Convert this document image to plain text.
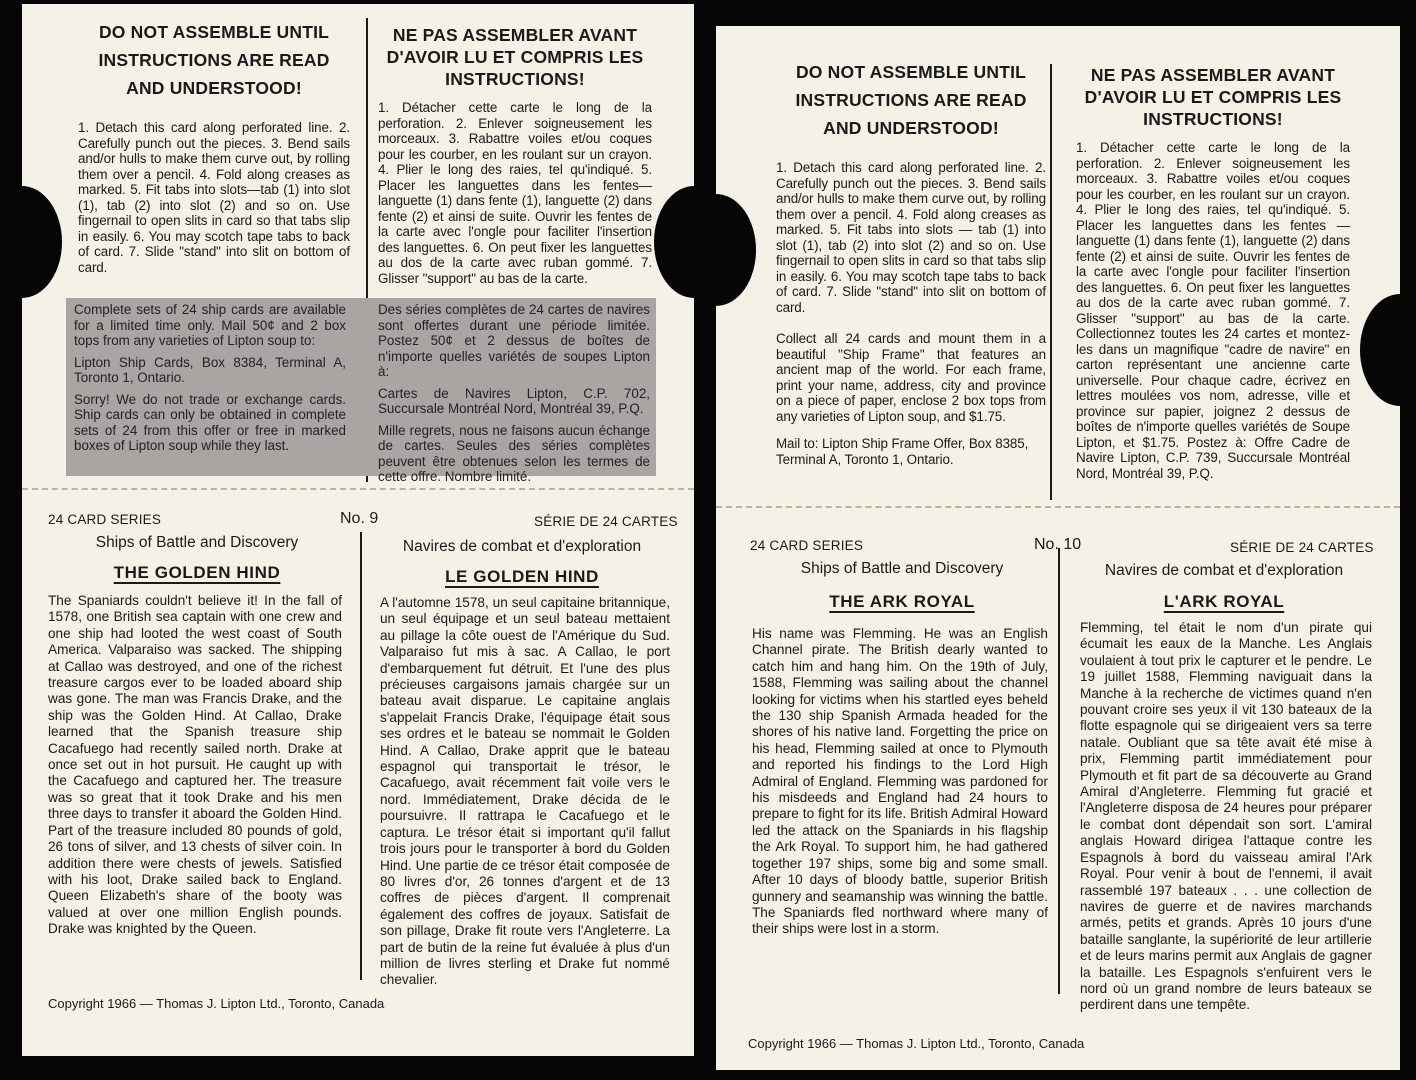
DO NOT ASSEMBLE UNTIL INSTRUCTIONS ARE READ AND UNDERSTOOD!
1. Detach this card along perforated line. 2. Carefully punch out the pieces. 3. Bend sails and/or hulls to make them curve out, by rolling them over a pencil. 4. Fold along creases as marked. 5. Fit tabs into slots—tab (1) into slot (1), tab (2) into slot (2) and so on. Use fingernail to open slits in card so that tabs slip in easily. 6. You may scotch tape tabs to back of card. 7. Slide "stand" into slit on bottom of card.
NE PAS ASSEMBLER AVANT D'AVOIR LU ET COMPRIS LES INSTRUCTIONS!
1. Détacher cette carte le long de la perforation. 2. Enlever soigneusement les morceaux. 3. Rabattre voiles et/ou coques pour les courber, en les roulant sur un crayon. 4. Plier le long des raies, tel qu'indiqué. 5. Placer les languettes dans les fentes—languette (1) dans fente (1), languette (2) dans fente (2) et ainsi de suite. Ouvrir les fentes de la carte avec l'ongle pour faciliter l'insertion des languettes. 6. On peut fixer les languettes au dos de la carte avec ruban gommé. 7. Glisser "support" au bas de la carte.

Complete sets of 24 ship cards are available for a limited time only. Mail 50¢ and 2 box tops from any varieties of Lipton soup to:

Lipton Ship Cards, Box 8384, Terminal A, Toronto 1, Ontario.

Sorry! We do not trade or exchange cards. Ship cards can only be obtained in complete sets of 24 from this offer or free in marked boxes of Lipton soup while they last.

Des séries complètes de 24 cartes de navires sont offertes durant une période limitée. Postez 50¢ et 2 dessus de boîtes de n'importe quelles variétés de soupes Lipton à:

Cartes de Navires Lipton, C.P. 702, Succursale Montréal Nord, Montréal 39, P.Q.

Mille regrets, nous ne faisons aucun échange de cartes. Seules des séries complètes peuvent être obtenues selon les termes de cette offre. Nombre limité.

24 CARD SERIES	No. 9	SÉRIE DE 24 CARTES
Ships of Battle and Discovery	Navires de combat et d'exploration
THE GOLDEN HIND	LE GOLDEN HIND
The Spaniards couldn't believe it! In the fall of 1578, one British sea captain with one crew and one ship had looted the west coast of South America. Valparaiso was sacked. The shipping at Callao was destroyed, and one of the richest treasure cargos ever to be loaded aboard ship was gone. The man was Francis Drake, and the ship was the Golden Hind. At Callao, Drake learned that the Spanish treasure ship Cacafuego had recently sailed north. Drake at once set out in hot pursuit. He caught up with the Cacafuego and captured her. The treasure was so great that it took Drake and his men three days to transfer it aboard the Golden Hind. Part of the treasure included 80 pounds of gold, 26 tons of silver, and 13 chests of silver coin. In addition there were chests of jewels. Satisfied with his loot, Drake sailed back to England. Queen Elizabeth's share of the booty was valued at over one million English pounds. Drake was knighted by the Queen.
A l'automne 1578, un seul capitaine britannique, un seul équipage et un seul bateau mettaient au pillage la côte ouest de l'Amérique du Sud. Valparaiso fut mis à sac. A Callao, le port d'embarquement fut détruit. Et l'une des plus précieuses cargaisons jamais chargée sur un bateau avait disparue. Le capitaine anglais s'appelait Francis Drake, l'équipage était sous ses ordres et le bateau se nommait le Golden Hind. A Callao, Drake apprit que le bateau espagnol qui transportait le trésor, le Cacafuego, avait récemment fait voile vers le nord. Immédiatement, Drake décida de le poursuivre. Il rattrapa le Cacafuego et le captura. Le trésor était si important qu'il fallut trois jours pour le transporter à bord du Golden Hind. Une partie de ce trésor était composée de 80 livres d'or, 26 tonnes d'argent et de 13 coffres de pièces d'argent. Il comprenait également des coffres de joyaux. Satisfait de son pillage, Drake fit route vers l'Angleterre. La part de butin de la reine fut évaluée à plus d'un million de livres sterling et Drake fut nommé chevalier.
Copyright 1966 — Thomas J. Lipton Ltd., Toronto, Canada
DO NOT ASSEMBLE UNTIL INSTRUCTIONS ARE READ AND UNDERSTOOD!
1. Detach this card along perforated line. 2. Carefully punch out the pieces. 3. Bend sails and/or hulls to make them curve out, by rolling them over a pencil. 4. Fold along creases as marked. 5. Fit tabs into slots — tab (1) into slot (1), tab (2) into slot (2) and so on. Use fingernail to open slits in card so that tabs slip in easily. 6. You may scotch tape tabs to back of card. 7. Slide "stand" into slit on bottom of card.

Collect all 24 cards and mount them in a beautiful "Ship Frame" that features an ancient map of the world. For each frame, print your name, address, city and province on a piece of paper, enclose 2 box tops from any varieties of Lipton soup, and $1.75.

Mail to: Lipton Ship Frame Offer, Box 8385, Terminal A, Toronto 1, Ontario.

NE PAS ASSEMBLER AVANT D'AVOIR LU ET COMPRIS LES INSTRUCTIONS!
1. Détacher cette carte le long de la perforation. 2. Enlever soigneusement les morceaux. 3. Rabattre voiles et/ou coques pour les courber, en les roulant sur un crayon. 4. Plier le long des raies, tel qu'indiqué. 5. Placer les languettes dans les fentes — languette (1) dans fente (1), languette (2) dans fente (2) et ainsi de suite. Ouvrir les fentes de la carte avec l'ongle pour faciliter l'insertion des languettes. 6. On peut fixer les languettes au dos de la carte avec ruban gommé. 7. Glisser "support" au bas de la carte. Collectionnez toutes les 24 cartes et montez-les dans un magnifique "cadre de navire" en carton représentant une ancienne carte universelle. Pour chaque cadre, écrivez en lettres moulées vos nom, adresse, ville et province sur papier, joignez 2 dessus de boîtes de n'importe quelles variétés de Soupe Lipton, et $1.75. Postez à: Offre Cadre de Navire Lipton, C.P. 739, Succursale Montréal Nord, Montréal 39, P.Q.
24 CARD SERIES	No. 10	SÉRIE DE 24 CARTES
Ships of Battle and Discovery	Navires de combat et d'exploration
THE ARK ROYAL	L'ARK ROYAL
His name was Flemming. He was an English Channel pirate. The British dearly wanted to catch him and hang him. On the 19th of July, 1588, Flemming was sailing about the channel looking for victims when his startled eyes beheld the 130 ship Spanish Armada headed for the shores of his native land. Forgetting the price on his head, Flemming sailed at once to Plymouth and reported his findings to the Lord High Admiral of England. Flemming was pardoned for his misdeeds and England had 24 hours to prepare to fight for its life. British Admiral Howard led the attack on the Spaniards in his flagship the Ark Royal. To support him, he had gathered together 197 ships, some big and some small. After 10 days of bloody battle, superior British gunnery and seamanship was winning the battle. The Spaniards fled northward where many of their ships were lost in a storm.
Flemming, tel était le nom d'un pirate qui écumait les eaux de la Manche. Les Anglais voulaient à tout prix le capturer et le pendre. Le 19 juillet 1588, Flemming naviguait dans la Manche à la recherche de victimes quand n'en pouvant croire ses yeux il vit 130 bateaux de la flotte espagnole qui se dirigeaient vers sa terre natale. Oubliant que sa tête avait été mise à prix, Flemming partit immédiatement pour Plymouth et fit part de sa découverte au Grand Amiral d'Angleterre. Flemming fut gracié et l'Angleterre disposa de 24 heures pour préparer le combat dont dépendait son sort. L'amiral anglais Howard dirigea l'attaque contre les Espagnols à bord du vaisseau amiral l'Ark Royal. Pour venir à bout de l'ennemi, il avait rassemblé 197 bateaux . . . une collection de navires de guerre et de navires marchands armés, petits et grands. Après 10 jours d'une bataille sanglante, la supériorité de leur artillerie et de leurs marins permit aux Anglais de gagner la bataille. Les Espagnols s'enfuirent vers le nord où un grand nombre de leurs bateaux se perdirent dans une tempête.
Copyright 1966 — Thomas J. Lipton Ltd., Toronto, Canada
